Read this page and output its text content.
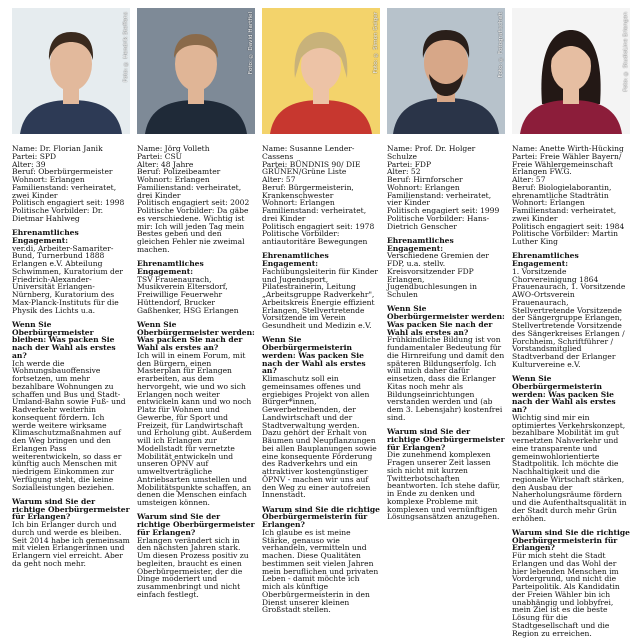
Foto: © Hendrik Steffens

Name: Dr. Florian Janik

Partei: SPD

Alter: 39

Beruf: Oberbürgermeister

Wohnort: Erlangen

Familienstand: verheiratet, zwei Kinder

Politisch engagiert seit: 1998

Politische Vorbilder: Dr. Dietmar Hahlweg

Ehrenamtliches Engagement:

ver.di, Arbeiter-Samariter-Bund, Turnerbund 1888 Erlangen e.V. Abteilung Schwimmen, Kuratorium der Friedrich-Alexander-Universität Erlangen-Nürnberg, Kuratorium des Max-Planck-Instituts für die Physik des Lichts u.a.

Wenn Sie Oberbürgermeister bleiben: Was packen Sie nach der Wahl als erstes an?

Ich werde die Wohnungsbauoffensive fortsetzen, um mehr bezahlbare Wohnungen zu schaffen und Bus und Stadt-Umland-Bahn sowie Fuß- und Radverkehr weiterhin konsequent fördern. Ich werde weitere wirksame Klimaschutzmaßnahmen auf den Weg bringen und den Erlangen Pass weiterentwickeln, so dass er künftig auch Menschen mit niedrigem Einkommen zur Verfügung steht, die keine Sozialleistungen beziehen.

Warum sind Sie der richtige Oberbürgermeister für Erlangen?

Ich bin Erlanger durch und durch und werde es bleiben. Seit 2014 habe ich gemeinsam mit vielen Erlangerinnen und Erlangern viel erreicht. Aber da geht noch mehr.

Foto: © David Hartfiel

Name: Jörg Volleth

Partei: CSU

Alter: 48 Jahre

Beruf: Polizeibeamter

Wohnort: Erlangen

Familienstand: verheiratet, drei Kinder

Politisch engagiert seit: 2002

Politische Vorbilder: Da gäbe es verschiedene. Wichtig ist mir: Ich will jeden Tag mein Bestes geben und den gleichen Fehler nie zweimal machen.

Ehrenamtliches Engagement:

TSV Frauenaurach, Musikverein Eltersdorf, Freiwillige Feuerwehr Hüttendorf, Brucker Gaßhenker, HSG Erlangen

Wenn Sie Oberbürgermeister werden: Was packen Sie nach der Wahl als erstes an?

Ich will in einem Forum, mit den Bürgern, einen Masterplan für Erlangen erarbeiten, aus dem hervorgeht, wie und wo sich Erlangen noch weiter entwickeln kann und wo noch Platz für Wohnen und Gewerbe, für Sport und Freizeit, für Landwirtschaft und Erholung gibt. Außerdem will ich Erlangen zur Modellstadt für vernetzte Mobilität entwickeln und unseren ÖPNV auf umweltverträgliche Antriebsarten umstellen und Mobilitätspunkte schaffen, an denen die Menschen einfach umsteigen können.

Warum sind Sie der richtige Oberbürgermeister für Erlangen?

Erlangen verändert sich in den nächsten Jahren stark. Um diesen Prozess positiv zu begleiten, braucht es einen Oberbürgermeister, der die Dinge moderiert und zusammenbringt und nicht einfach festlegt.

Foto: © Simon Geiger

Name: Susanne Lender-Cassens

Partei: BÜNDNIS 90/ DIE GRÜNEN/Grüne Liste

Alter: 57

Beruf: Bürgermeisterin, Krankenschwester

Wohnort: Erlangen

Familienstand: verheiratet, drei Kinder

Politisch engagiert seit: 1978

Politische Vorbilder: antiautoritäre Bewegungen

Ehrenamtliches Engagement:

Fachübungsleiterin für Kinder und Jugendsport, Pilatestrainerin, Leitung „Arbeitsgruppe Radverkehr", Arbeitskreis Energie effizient Erlangen, Stellvertretende Vorsitzende im Verein Gesundheit und Medizin e.V.

Wenn Sie Oberbürgermeisterin werden: Was packen Sie nach der Wahl als erstes an?

Klimaschutz soll ein gemeinsames offenes und ergiebiges Projekt von allen Bürger*innen, Gewerbetreibenden, der Landwirtschaft und der Stadtverwaltung werden. Dazu gehört der Erhalt von Bäumen und Neupflanzungen bei allen Bauplanungen sowie eine konsequente Förderung des Radverkehrs und ein attraktiver kostengünstiger ÖPNV - machen wir uns auf den Weg zu einer autofreien Innenstadt.

Warum sind Sie die richtige Oberbürgermeisterin für Erlangen?

Ich glaube es ist meine Stärke, genauso wie verhandeln, vermitteln und machen. Diese Qualitäten bestimmen seit vielen Jahren mein beruflichen und privaten Leben - damit möchte ich mich als künftige Oberbürgermeisterin in den Dienst unserer kleinen Großstadt stellen.

Foto: © Fotograf:schaft

Name: Prof. Dr. Holger Schulze

Partei: FDP

Alter: 52

Beruf: Hirnforscher

Wohnort: Erlangen

Familienstand: verheiratet, vier Kinder

Politisch engagiert seit: 1999

Politische Vorbilder: Hans-Dietrich Genscher

Ehrenamtliches Engagement:

Verschiedene Gremien der FDP, u.a. stellv. Kreisvorsitzender FDP Erlangen, Jugendbuchlesungen in Schulen

Wenn Sie Oberbürgermeister werden: Was packen Sie nach der Wahl als erstes an?

Frühkindliche Bildung ist von fundamentaler Bedeutung für die Hirnreifung und damit den späteren Bildungserfolg. Ich will mich daher dafür einsetzen, dass die Erlanger Kitas noch mehr als Bildungseinrichtungen verstanden werden und (ab dem 3. Lebensjahr) kostenfrei sind.

Warum sind Sie der richtige Oberbürgermeister für Erlangen?

Die zunehmend komplexen Fragen unserer Zeit lassen sich nicht mit kurzen Twitterbotschaften beantworten. Ich stehe dafür, in Ende zu denken und komplexe Probleme mit komplexen und vernünftigen Lösungsansätzen anzugehen.

Foto: © StudioLine Erlangen

Name: Anette Wirth-Hücking

Partei: Freie Wähler Bayern/ Freie Wählergemeinschaft Erlangen FW.G.

Alter: 57

Beruf: Biologielaborantin, ehrenamtliche Stadträtin

Wohnort: Erlangen

Familienstand: verheiratet, zwei Kinder

Politisch engagiert seit: 1984

Politische Vorbilder: Martin Luther King

Ehrenamtliches Engagement:

1. Vorsitzende Chorvereinigung 1864 Frauenaurach, 1. Vorsitzende AWO-Ortsverein Frauenaurach, Stellvertretende Vorsitzende der Sängergruppe Erlangen, Stellvertretende Vorsitzende des Sängerkreises Erlangen / Forchheim, Schriftführer / Vorstandsmitglied Stadtverband der Erlanger Kulturvereine e.V.

Wenn Sie Oberbürgermeisterin werden: Was packen Sie nach der Wahl als erstes an?

Wichtig sind mir ein optimiertes Verkehrskonzept, bezahlbare Mobilität im gut vernetzten Nahverkehr und eine transparente und gemeinwohlorientierte Stadtpolitik. Ich möchte die Nachhaltigkeit und die regionale Wirtschaft stärken, den Ausbau der Naherholungsräume fördern und die Aufenthaltsqualität in der Stadt durch mehr Grün erhöhen.

Warum sind Sie die richtige Oberbürgermeisterin für Erlangen?

Für mich steht die Stadt Erlangen und das Wohl der hier lebenden Menschen im Vordergrund, und nicht die Parteipolitik. Als Kandidatin der Freien Wähler bin ich unabhängig und lobbyfrei, mein Ziel ist es die beste Lösung für die Stadtgesellschaft und die Region zu erreichen.
